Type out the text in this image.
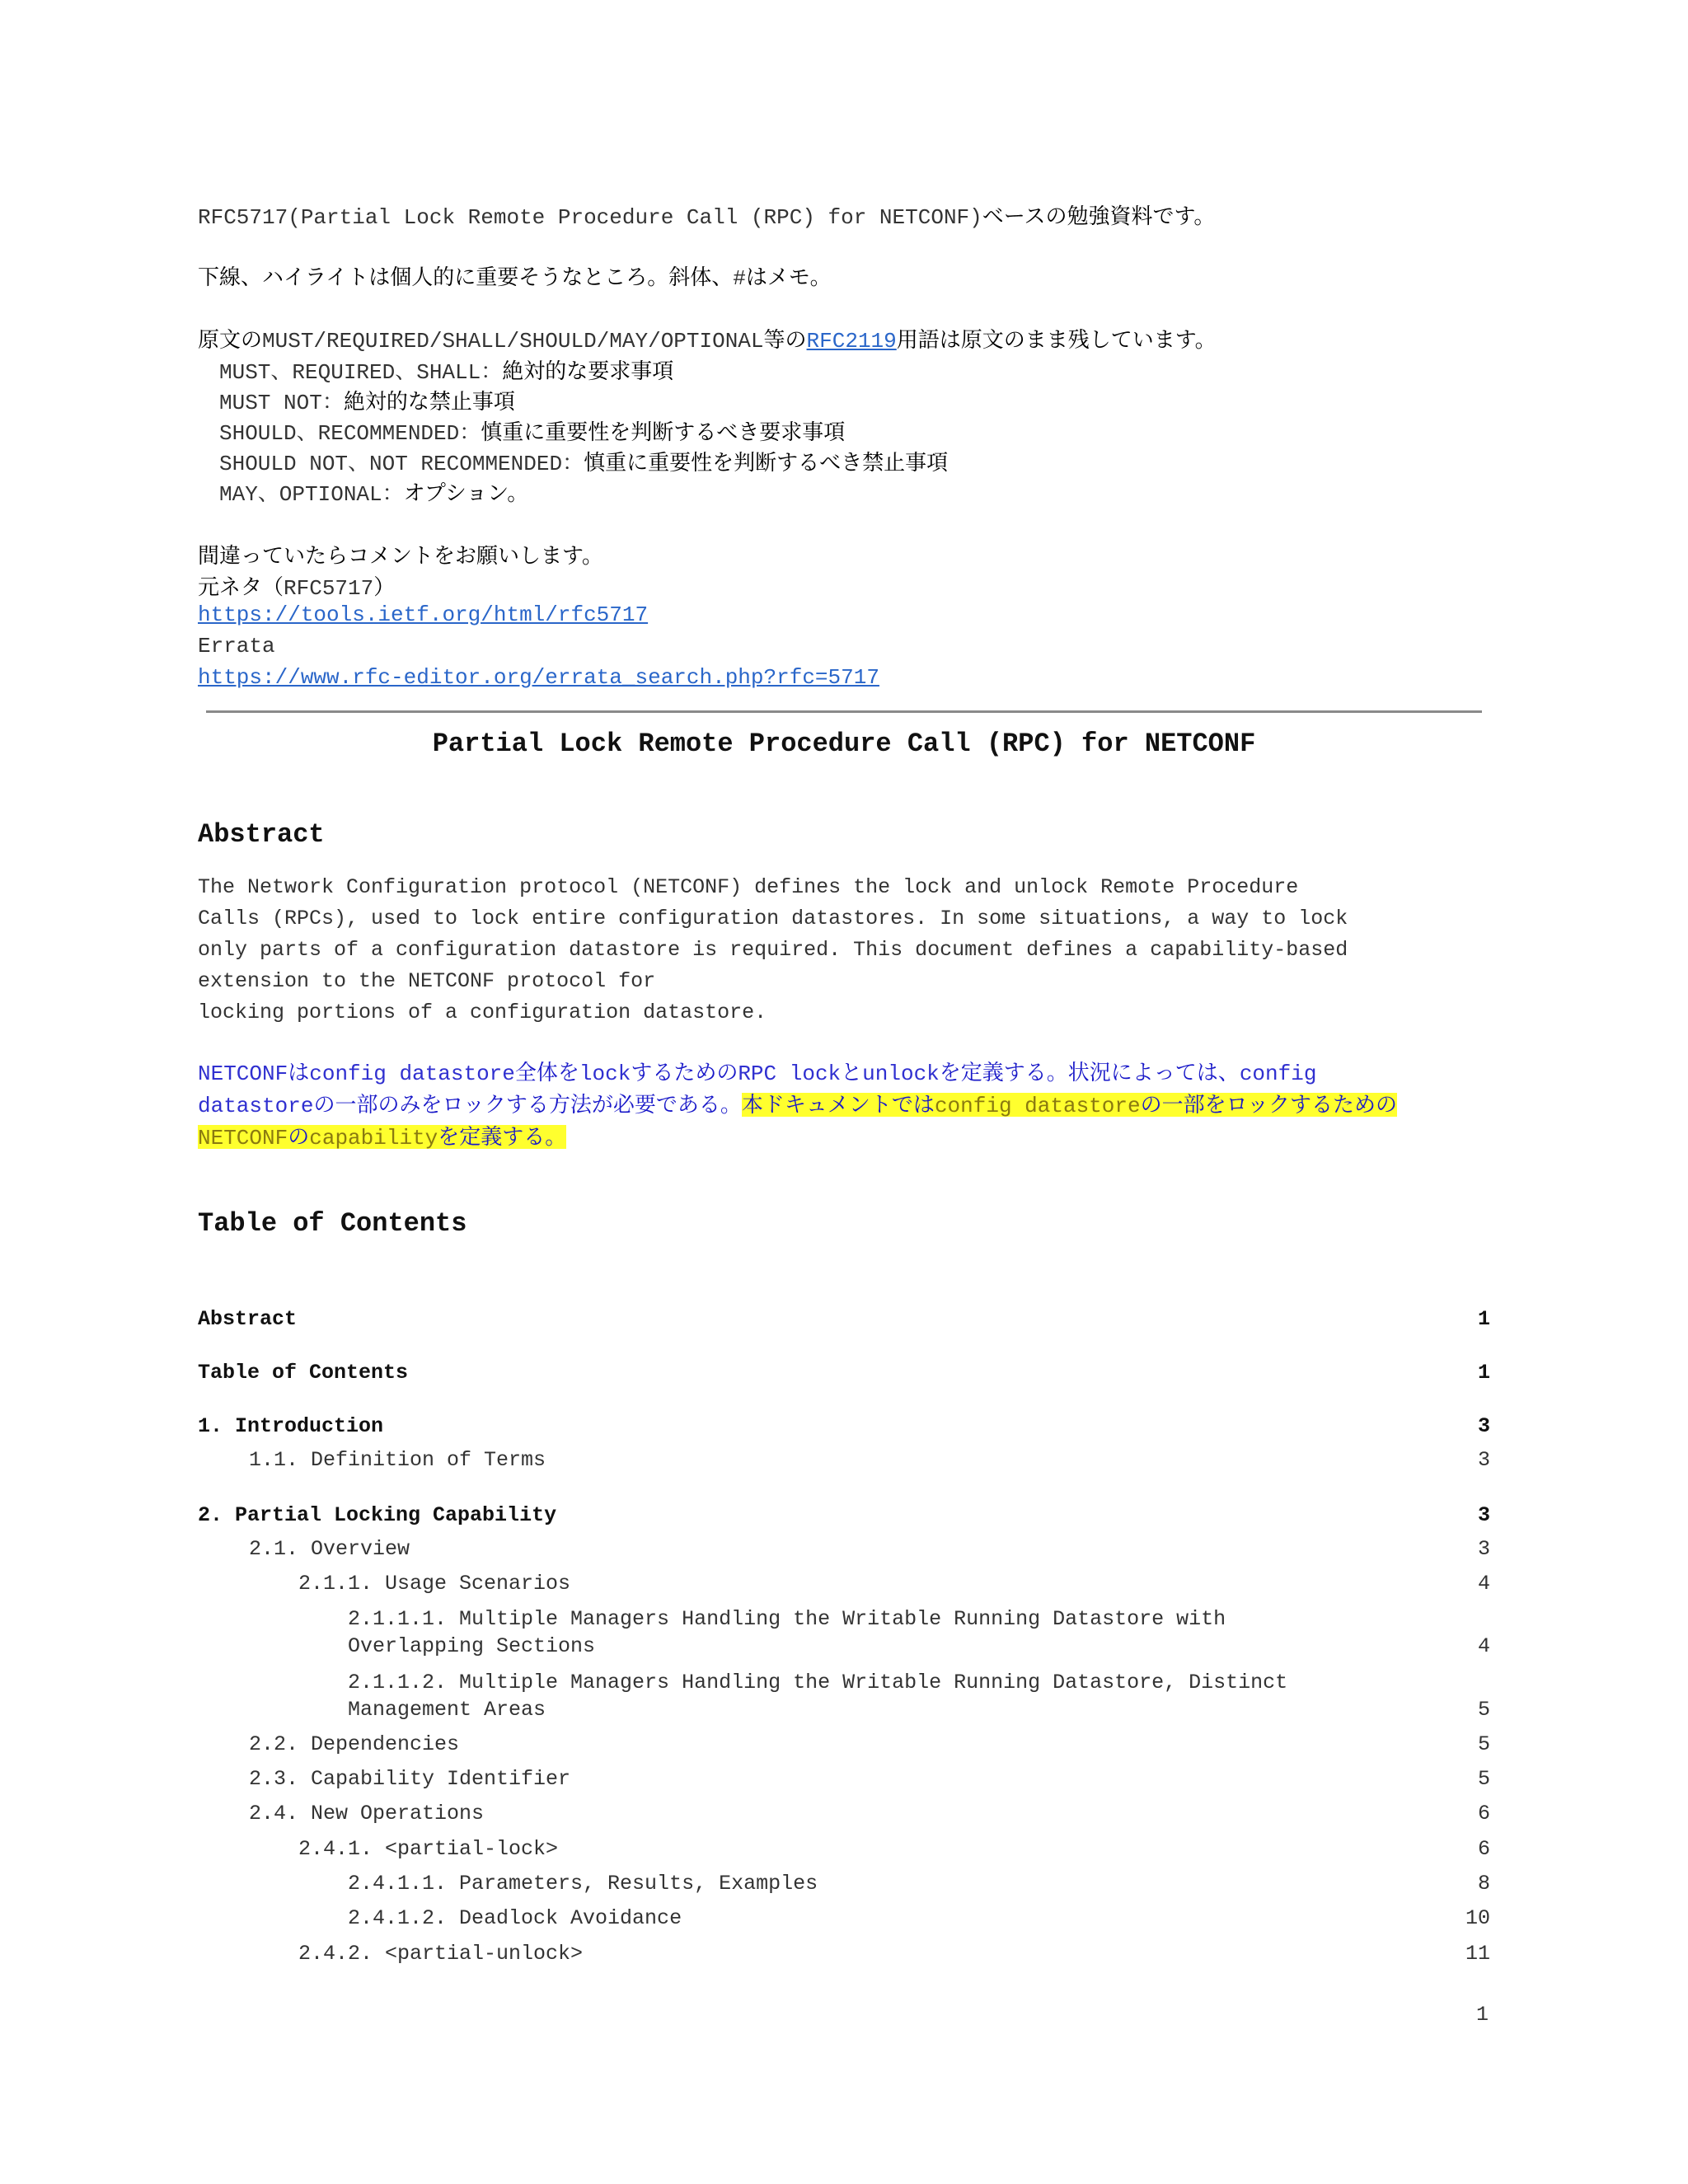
RFC5717(Partial Lock Remote Procedure Call (RPC) for NETCONF)ベースの勉強資料です。
下線、ハイライトは個人的に重要そうなところ。斜体、#はメモ。
原文のMUST/REQUIRED/SHALL/SHOULD/MAY/OPTIONAL等のRFC2119用語は原文のまま残しています。
MUST、REQUIRED、SHALL：絶対的な要求事項
MUST NOT：絶対的な禁止事項
SHOULD、RECOMMENDED：慎重に重要性を判断するべき要求事項
SHOULD NOT、NOT RECOMMENDED：慎重に重要性を判断するべき禁止事項
MAY、OPTIONAL：オプション。
間違っていたらコメントをお願いします。
元ネタ（RFC5717）
https://tools.ietf.org/html/rfc5717
Errata
https://www.rfc-editor.org/errata_search.php?rfc=5717
Partial Lock Remote Procedure Call (RPC) for NETCONF
Abstract
The Network Configuration protocol (NETCONF) defines the lock and unlock Remote Procedure
Calls (RPCs), used to lock entire configuration datastores. In some situations, a way to lock
only parts of a configuration datastore is required. This document defines a capability-based
extension to the NETCONF protocol for
locking portions of a configuration datastore.
NETCONFはconfig datastore全体をlockするためのRPC lockとunlockを定義する。状況によっては、config
datastoreの一部のみをロックする方法が必要である。本ドキュメントではconfig datastoreの一部をロックするための
NETCONFのcapabilityを定義する。
Table of Contents
Abstract	1
Table of Contents	1
1. Introduction	3
1.1. Definition of Terms	3
2. Partial Locking Capability	3
2.1. Overview	3
2.1.1. Usage Scenarios	4
2.1.1.1. Multiple Managers Handling the Writable Running Datastore with
Overlapping Sections	4
2.1.1.2. Multiple Managers Handling the Writable Running Datastore, Distinct
Management Areas	5
2.2. Dependencies	5
2.3. Capability Identifier	5
2.4. New Operations	6
2.4.1. <partial-lock>	6
2.4.1.1. Parameters, Results, Examples	8
2.4.1.2. Deadlock Avoidance	10
2.4.2. <partial-unlock>	11
1
